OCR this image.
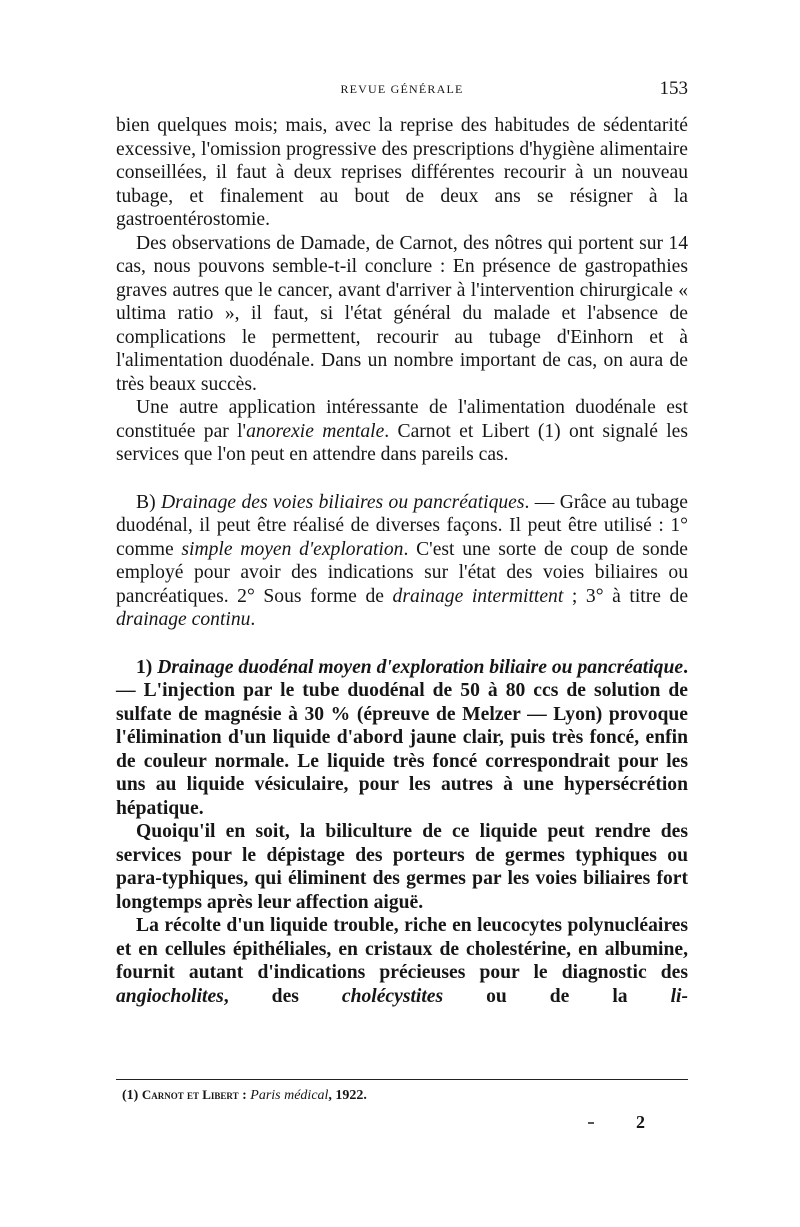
REVUE GÉNÉRALE	153

bien quelques mois; mais, avec la reprise des habitudes de sédentarité excessive, l'omission progressive des prescriptions d'hygiène alimentaire conseillées, il faut à deux reprises différentes recourir à un nouveau tubage, et finalement au bout de deux ans se résigner à la gastroentérostomie.

Des observations de Damade, de Carnot, des nôtres qui portent sur 14 cas, nous pouvons semble-t-il conclure : En présence de gastropathies graves autres que le cancer, avant d'arriver à l'intervention chirurgicale « ultima ratio », il faut, si l'état général du malade et l'absence de complications le permettent, recourir au tubage d'Einhorn et à l'alimentation duodénale. Dans un nombre important de cas, on aura de très beaux succès.

Une autre application intéressante de l'alimentation duodénale est constituée par l'anorexie mentale. Carnot et Libert (1) ont signalé les services que l'on peut en attendre dans pareils cas.

B) Drainage des voies biliaires ou pancréatiques. — Grâce au tubage duodénal, il peut être réalisé de diverses façons. Il peut être utilisé : 1° comme simple moyen d'exploration. C'est une sorte de coup de sonde employé pour avoir des indications sur l'état des voies biliaires ou pancréatiques. 2° Sous forme de drainage intermittent ; 3° à titre de drainage continu.

1) Drainage duodénal moyen d'exploration biliaire ou pancréatique. — L'injection par le tube duodénal de 50 à 80 ccs de solution de sulfate de magnésie à 30 % (épreuve de Melzer — Lyon) provoque l'élimination d'un liquide d'abord jaune clair, puis très foncé, enfin de couleur normale. Le liquide très foncé correspondrait pour les uns au liquide vésiculaire, pour les autres à une hypersécrétion hépatique.

Quoiqu'il en soit, la biliculture de ce liquide peut rendre des services pour le dépistage des porteurs de germes typhiques ou para-typhiques, qui éliminent des germes par les voies biliaires fort longtemps après leur affection aiguë.

La récolte d'un liquide trouble, riche en leucocytes polynucléaires et en cellules épithéliales, en cristaux de cholestérine, en albumine, fournit autant d'indications précieuses pour le diagnostic des angiocholites, des cholécystites ou de la li-

(1) Carnot et Libert : Paris médical, 1922.
2
